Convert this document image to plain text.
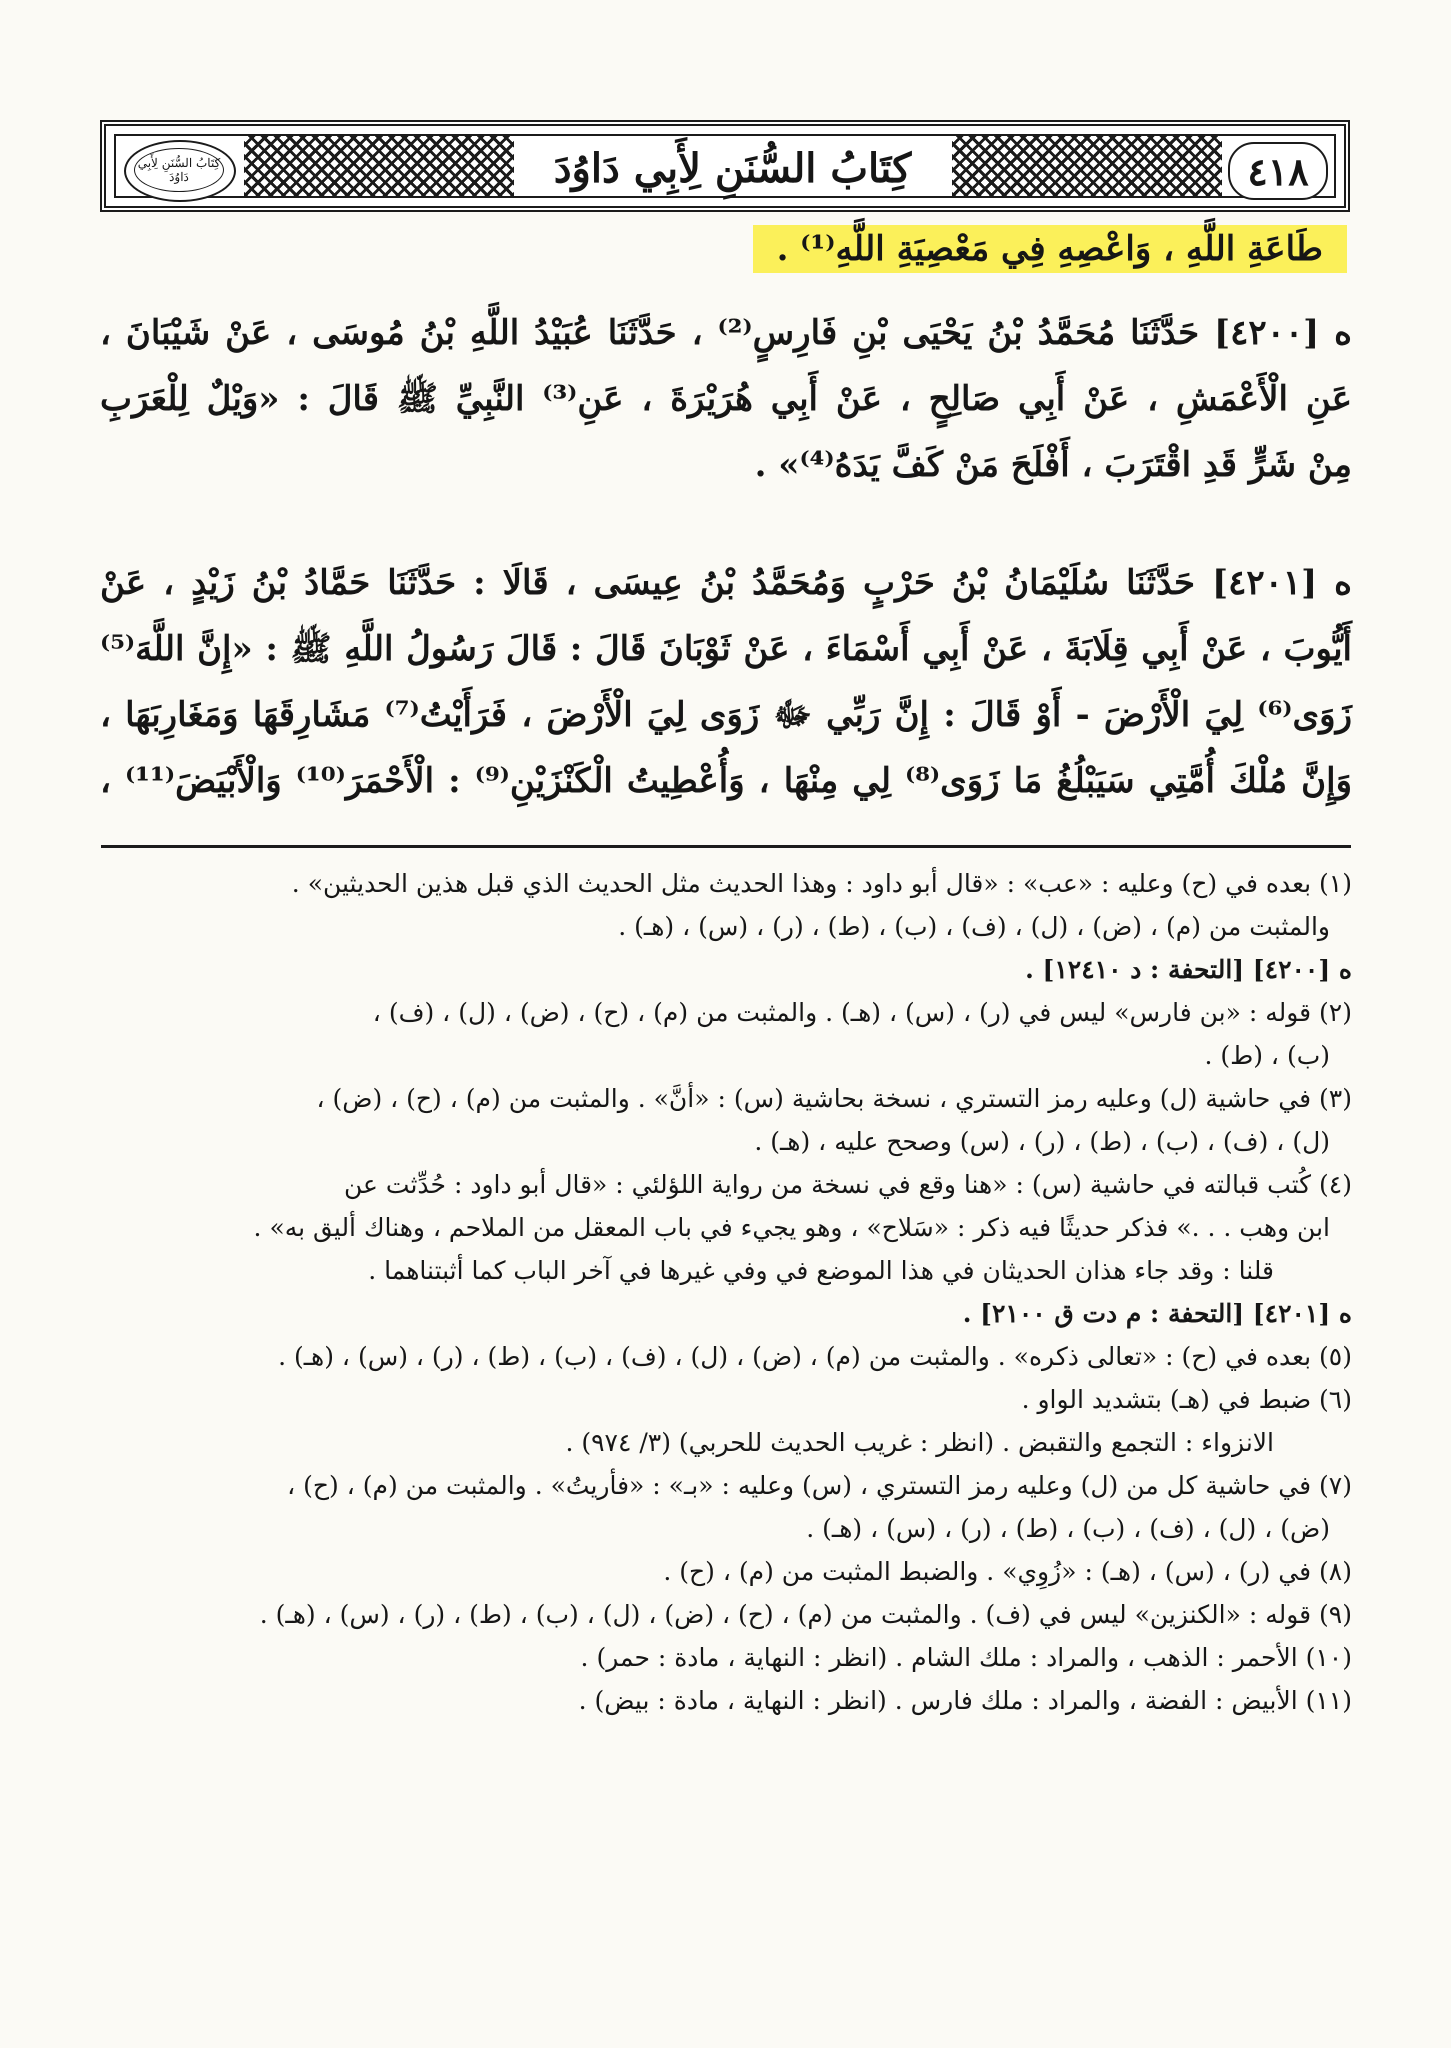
٤١٨
كِتَابُ السُّنَنِ لِأَبِي دَاوُدَ
كِتَابُ السُّنَنِ لِأَبِي دَاوُدَ
طَاعَةِ اللَّهِ ، وَاعْصِهِ فِي مَعْصِيَةِ اللَّهِ⁽¹⁾ .
ه [٤٢٠٠] حَدَّثَنَا مُحَمَّدُ بْنُ يَحْيَى بْنِ فَارِسٍ⁽²⁾ ، حَدَّثَنَا عُبَيْدُ اللَّهِ بْنُ مُوسَى ، عَنْ شَيْبَانَ ،
عَنِ الْأَعْمَشِ ، عَنْ أَبِي صَالِحٍ ، عَنْ أَبِي هُرَيْرَةَ ، عَنِ⁽³⁾ النَّبِيِّ ﷺ قَالَ : «وَيْلٌ لِلْعَرَبِ
مِنْ شَرٍّ قَدِ اقْتَرَبَ ، أَفْلَحَ مَنْ كَفَّ يَدَهُ⁽⁴⁾» .
ه [٤٢٠١] حَدَّثَنَا سُلَيْمَانُ بْنُ حَرْبٍ وَمُحَمَّدُ بْنُ عِيسَى ، قَالَا : حَدَّثَنَا حَمَّادُ بْنُ زَيْدٍ ، عَنْ
أَيُّوبَ ، عَنْ أَبِي قِلَابَةَ ، عَنْ أَبِي أَسْمَاءَ ، عَنْ ثَوْبَانَ قَالَ : قَالَ رَسُولُ اللَّهِ ﷺ : «إِنَّ اللَّهَ⁽⁵⁾
زَوَى⁽⁶⁾ لِيَ الْأَرْضَ - أَوْ قَالَ : إِنَّ رَبِّي ﷻ زَوَى لِيَ الْأَرْضَ ، فَرَأَيْتُ⁽⁷⁾ مَشَارِقَهَا وَمَغَارِبَهَا ،
وَإِنَّ مُلْكَ أُمَّتِي سَيَبْلُغُ مَا زَوَى⁽⁸⁾ لِي مِنْهَا ، وَأُعْطِيتُ الْكَنْزَيْنِ⁽⁹⁾ : الْأَحْمَرَ⁽¹⁰⁾ وَالْأَبْيَضَ⁽¹¹⁾ ،
(١) بعده في (ح) وعليه : «عب» : «قال أبو داود : وهذا الحديث مثل الحديث الذي قبل هذين الحديثين» .
والمثبت من (م) ، (ض) ، (ل) ، (ف) ، (ب) ، (ط) ، (ر) ، (س) ، (هـ) .
ه [٤٢٠٠] [التحفة : د ١٢٤١٠] .
(٢) قوله : «بن فارس» ليس في (ر) ، (س) ، (هـ) . والمثبت من (م) ، (ح) ، (ض) ، (ل) ، (ف) ،
(ب) ، (ط) .
(٣) في حاشية (ل) وعليه رمز التستري ، نسخة بحاشية (س) : «أنَّ» . والمثبت من (م) ، (ح) ، (ض) ،
(ل) ، (ف) ، (ب) ، (ط) ، (ر) ، (س) وصحح عليه ، (هـ) .
(٤) كُتب قبالته في حاشية (س) : «هنا وقع في نسخة من رواية اللؤلئي : «قال أبو داود : حُدِّثت عن
ابن وهب . . .» فذكر حديثًا فيه ذكر : «سَلاح» ، وهو يجيء في باب المعقل من الملاحم ، وهناك أليق به» .
قلنا : وقد جاء هذان الحديثان في هذا الموضع في وفي غيرها في آخر الباب كما أثبتناهما .
ه [٤٢٠١] [التحفة : م دت ق ٢١٠٠] .
(٥) بعده في (ح) : «تعالى ذكره» . والمثبت من (م) ، (ض) ، (ل) ، (ف) ، (ب) ، (ط) ، (ر) ، (س) ، (هـ) .
(٦) ضبط في (هـ) بتشديد الواو .
الانزواء : التجمع والتقبض . (انظر : غريب الحديث للحربي) (٣/ ٩٧٤) .
(٧) في حاشية كل من (ل) وعليه رمز التستري ، (س) وعليه : «بـ» : «فأريتُ» . والمثبت من (م) ، (ح) ،
(ض) ، (ل) ، (ف) ، (ب) ، (ط) ، (ر) ، (س) ، (هـ) .
(٨) في (ر) ، (س) ، (هـ) : «زُوِي» . والضبط المثبت من (م) ، (ح) .
(٩) قوله : «الكنزين» ليس في (ف) . والمثبت من (م) ، (ح) ، (ض) ، (ل) ، (ب) ، (ط) ، (ر) ، (س) ، (هـ) .
(١٠) الأحمر : الذهب ، والمراد : ملك الشام . (انظر : النهاية ، مادة : حمر) .
(١١) الأبيض : الفضة ، والمراد : ملك فارس . (انظر : النهاية ، مادة : بيض) .
